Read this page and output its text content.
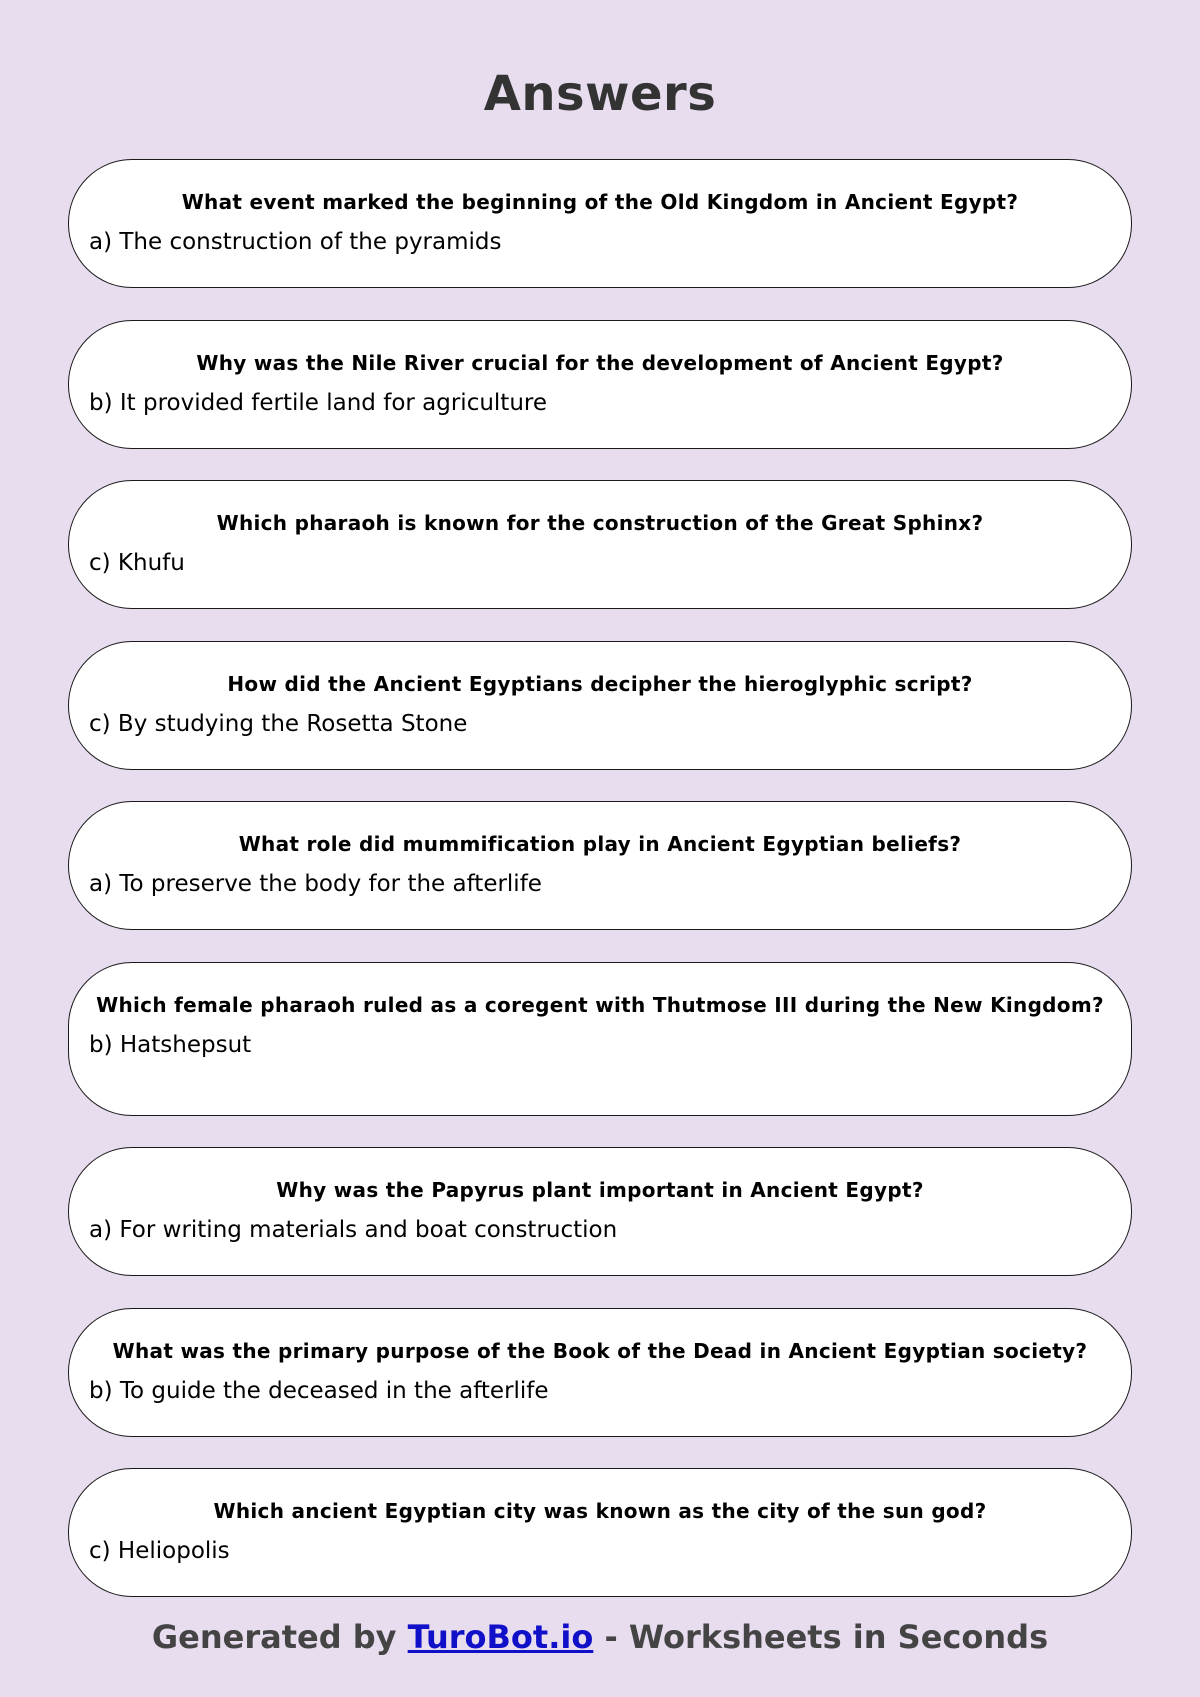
Answers

What event marked the beginning of the Old Kingdom in Ancient Egypt?

a) The construction of the pyramids

Why was the Nile River crucial for the development of Ancient Egypt?

b) It provided fertile land for agriculture

Which pharaoh is known for the construction of the Great Sphinx?

c) Khufu

How did the Ancient Egyptians decipher the hieroglyphic script?

c) By studying the Rosetta Stone

What role did mummification play in Ancient Egyptian beliefs?

a) To preserve the body for the afterlife

Which female pharaoh ruled as a coregent with Thutmose III during the New Kingdom?

b) Hatshepsut

Why was the Papyrus plant important in Ancient Egypt?

a) For writing materials and boat construction

What was the primary purpose of the Book of the Dead in Ancient Egyptian society?

b) To guide the deceased in the afterlife

Which ancient Egyptian city was known as the city of the sun god?

c) Heliopolis

Generated by TuroBot.io - Worksheets in Seconds
